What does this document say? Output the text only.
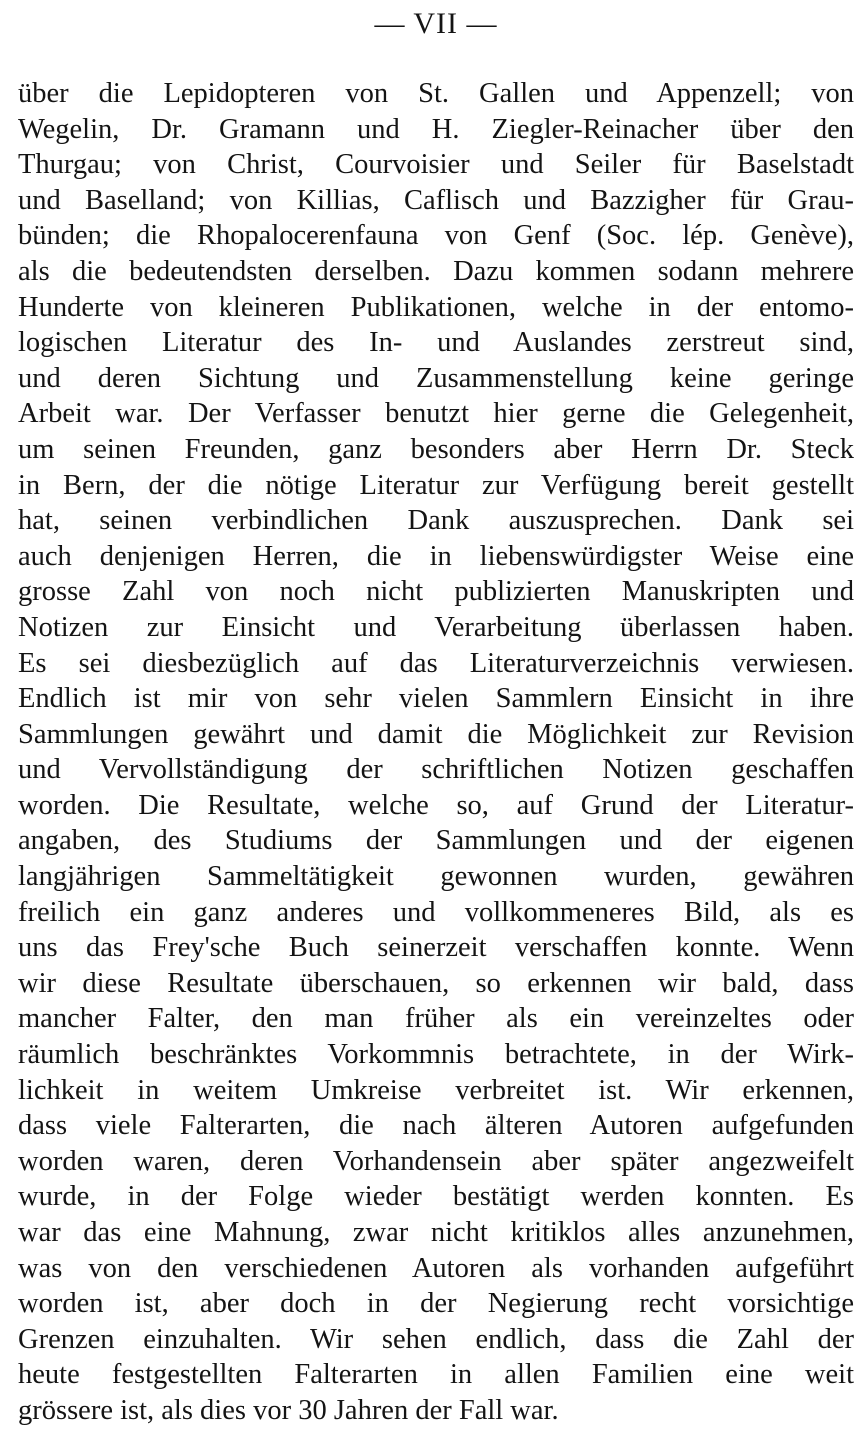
— VII —
über die Lepidopteren von St. Gallen und Appenzell; von
Wegelin, Dr. Gramann und H. Ziegler-Reinacher über den
Thurgau; von Christ, Courvoisier und Seiler für Baselstadt
und Baselland; von Killias, Caflisch und Bazzigher für Grau-
bünden; die Rhopalocerenfauna von Genf (Soc. lép. Genève),
als die bedeutendsten derselben. Dazu kommen sodann mehrere
Hunderte von kleineren Publikationen, welche in der entomo-
logischen Literatur des In- und Auslandes zerstreut sind,
und deren Sichtung und Zusammenstellung keine geringe
Arbeit war. Der Verfasser benutzt hier gerne die Gelegenheit,
um seinen Freunden, ganz besonders aber Herrn Dr. Steck
in Bern, der die nötige Literatur zur Verfügung bereit gestellt
hat, seinen verbindlichen Dank auszusprechen. Dank sei
auch denjenigen Herren, die in liebenswürdigster Weise eine
grosse Zahl von noch nicht publizierten Manuskripten und
Notizen zur Einsicht und Verarbeitung überlassen haben.
Es sei diesbezüglich auf das Literaturverzeichnis verwiesen.
Endlich ist mir von sehr vielen Sammlern Einsicht in ihre
Sammlungen gewährt und damit die Möglichkeit zur Revision
und Vervollständigung der schriftlichen Notizen geschaffen
worden. Die Resultate, welche so, auf Grund der Literatur-
angaben, des Studiums der Sammlungen und der eigenen
langjährigen Sammeltätigkeit gewonnen wurden, gewähren
freilich ein ganz anderes und vollkommeneres Bild, als es
uns das Frey'sche Buch seinerzeit verschaffen konnte. Wenn
wir diese Resultate überschauen, so erkennen wir bald, dass
mancher Falter, den man früher als ein vereinzeltes oder
räumlich beschränktes Vorkommnis betrachtete, in der Wirk-
lichkeit in weitem Umkreise verbreitet ist. Wir erkennen,
dass viele Falterarten, die nach älteren Autoren aufgefunden
worden waren, deren Vorhandensein aber später angezweifelt
wurde, in der Folge wieder bestätigt werden konnten. Es
war das eine Mahnung, zwar nicht kritiklos alles anzunehmen,
was von den verschiedenen Autoren als vorhanden aufgeführt
worden ist, aber doch in der Negierung recht vorsichtige
Grenzen einzuhalten. Wir sehen endlich, dass die Zahl der
heute festgestellten Falterarten in allen Familien eine weit
grössere ist, als dies vor 30 Jahren der Fall war.
